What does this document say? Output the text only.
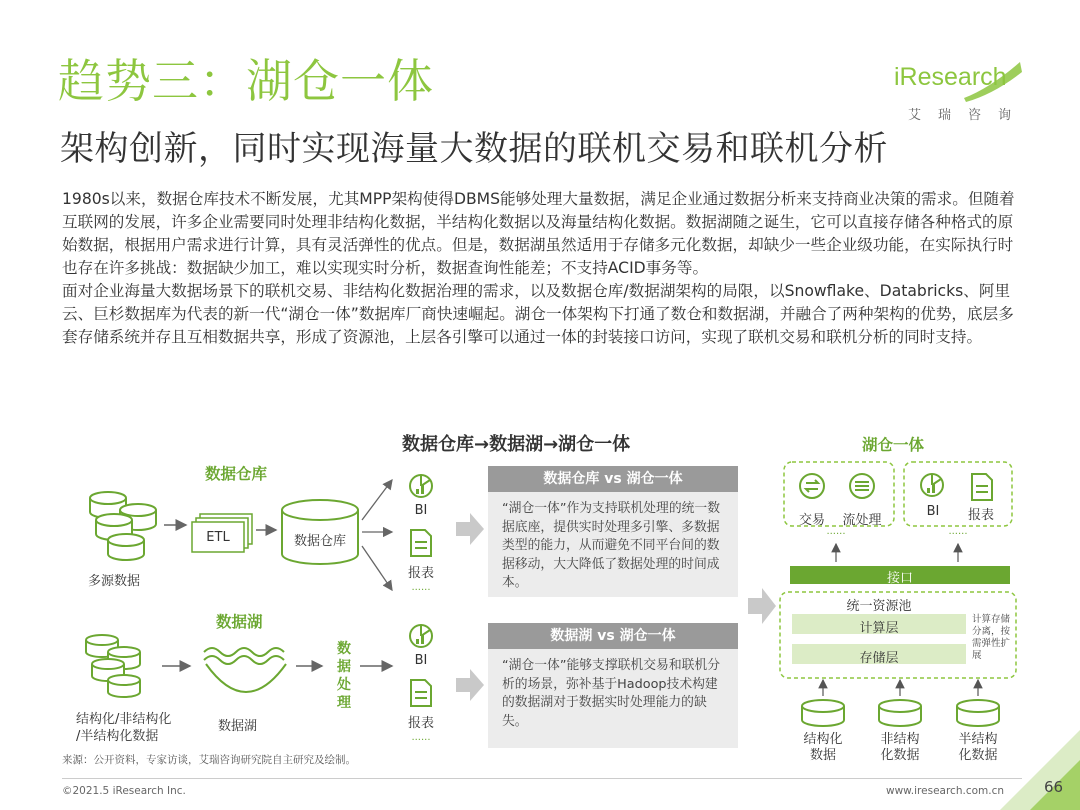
趋势三：湖仓一体
架构创新，同时实现海量大数据的联机交易和联机分析
iResearch
艾瑞咨询

1980s以来，数据仓库技术不断发展，尤其MPP架构使得DBMS能够处理大量数据，满足企业通过数据分析来支持商业决策的需求。但随着互联网的发展，许多企业需要同时处理非结构化数据，半结构化数据以及海量结构化数据。数据湖随之诞生，它可以直接存储各种格式的原始数据，根据用户需求进行计算，具有灵活弹性的优点。但是，数据湖虽然适用于存储多元化数据，却缺少一些企业级功能，在实际执行时也存在许多挑战：数据缺少加工，难以实现实时分析，数据查询性能差；不支持ACID事务等。

面对企业海量大数据场景下的联机交易、非结构化数据治理的需求，以及数据仓库/数据湖架构的局限，以Snowflake、Databricks、阿里云、巨杉数据库为代表的新一代“湖仓一体”数据库厂商快速崛起。湖仓一体架构下打通了数仓和数据湖，并融合了两种架构的优势，底层多套存储系统并存且互相数据共享，形成了资源池，上层各引擎可以通过一体的封装接口访问，实现了联机交易和联机分析的同时支持。

数据仓库→数据湖→湖仓一体
数据仓库
多源数据
ETL	数据仓库
BI
报表
......
数据湖
结构化/非结构化
/半结构化数据
数据湖
数据处理
BI
报表
......
数据仓库 vs 湖仓一体
“湖仓一体”作为支持联机处理的统一数据底座，提供实时处理多引擎、多数据类型的能力，从而避免不同平台间的数据移动，大大降低了数据处理的时间成本。
数据湖 vs 湖仓一体
“湖仓一体”能够支撑联机交易和联机分析的场景，弥补基于Hadoop技术构建的数据湖对于数据实时处理能力的缺失。
湖仓一体
交易	流处理
......
BI	报表
......
接口
统一资源池
计算层
存储层
计算存储分离，按需弹性扩展
结构化
数据
非结构
化数据
半结构
化数据
来源：公开资料，专家访谈，艾瑞咨询研究院自主研究及绘制。
©2021.5 iResearch Inc.	www.iresearch.com.cn	66
